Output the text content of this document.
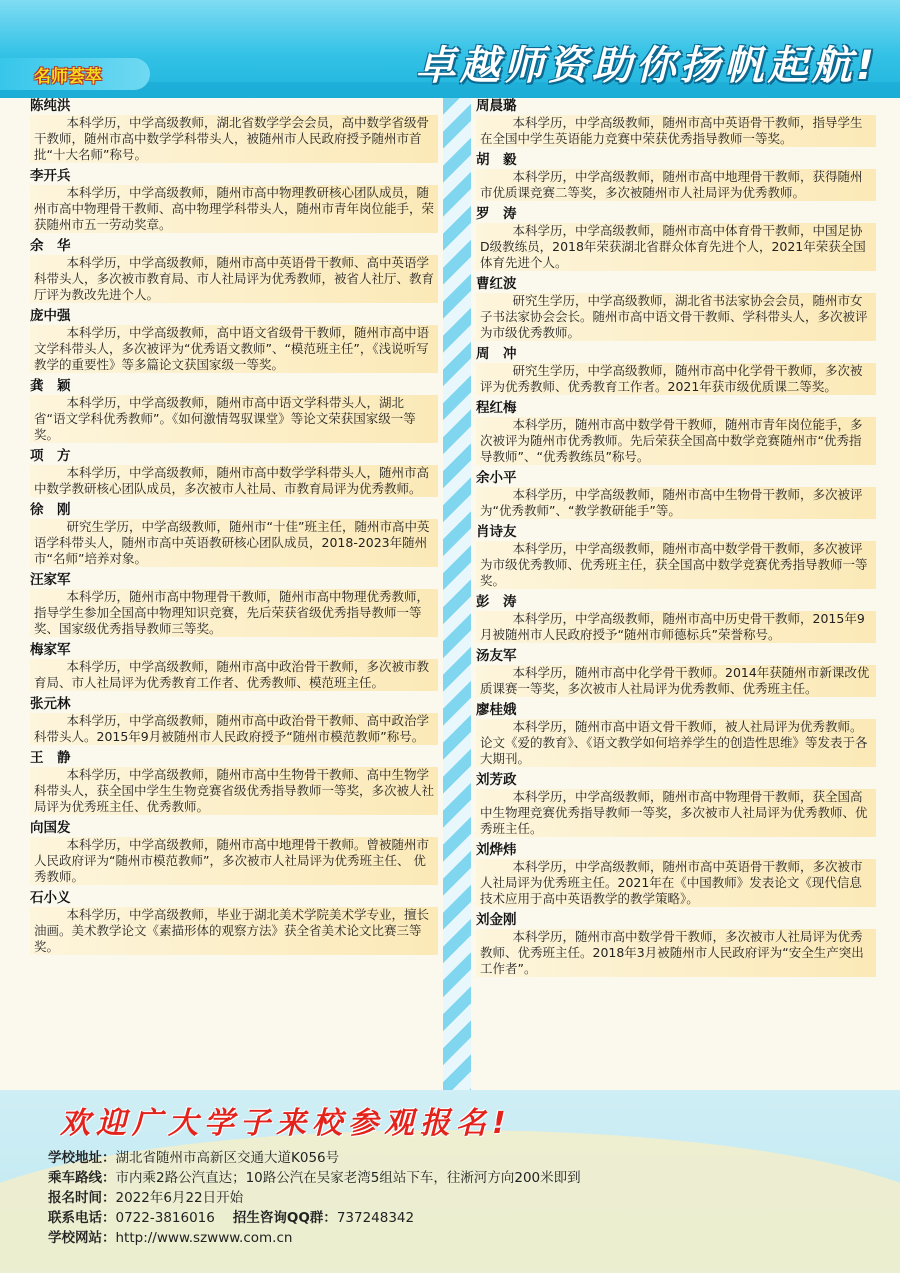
名师荟萃	卓越师资助你扬帆起航!
陈纯洪
本科学历，中学高级教师，湖北省数学学会会员，高中数学省级骨干教师，随州市高中数学学科带头人，被随州市人民政府授予随州市首批“十大名师”称号。
李开兵
本科学历，中学高级教师，随州市高中物理教研核心团队成员，随州市高中物理骨干教师、高中物理学科带头人，随州市青年岗位能手，荣获随州市五一劳动奖章。
余　华
本科学历，中学高级教师，随州市高中英语骨干教师、高中英语学科带头人，多次被市教育局、市人社局评为优秀教师，被省人社厅、教育厅评为教改先进个人。
庞中强
本科学历，中学高级教师，高中语文省级骨干教师，随州市高中语文学科带头人，多次被评为“优秀语文教师”、“模范班主任”，《浅说听写教学的重要性》等多篇论文获国家级一等奖。
龚　颖
本科学历，中学高级教师，随州市高中语文学科带头人，湖北省“语文学科优秀教师”。《如何激情驾驭课堂》等论文荣获国家级一等奖。
项　方
本科学历，中学高级教师，随州市高中数学学科带头人，随州市高中数学教研核心团队成员，多次被市人社局、市教育局评为优秀教师。
徐　刚
研究生学历，中学高级教师，随州市“十佳”班主任，随州市高中英语学科带头人，随州市高中英语教研核心团队成员，2018-2023年随州市“名师”培养对象。
汪家军
本科学历，随州市高中物理骨干教师，随州市高中物理优秀教师，指导学生参加全国高中物理知识竞赛，先后荣获省级优秀指导教师一等奖、国家级优秀指导教师三等奖。
梅家军
本科学历，中学高级教师，随州市高中政治骨干教师，多次被市教育局、市人社局评为优秀教育工作者、优秀教师、模范班主任。
张元林
本科学历，中学高级教师，随州市高中政治骨干教师、高中政治学科带头人。2015年9月被随州市人民政府授予“随州市模范教师”称号。
王　静
本科学历，中学高级教师，随州市高中生物骨干教师、高中生物学科带头人，获全国中学生生物竞赛省级优秀指导教师一等奖，多次被人社局评为优秀班主任、优秀教师。
向国发
本科学历，中学高级教师，随州市高中地理骨干教师。曾被随州市人民政府评为“随州市模范教师”，多次被市人社局评为优秀班主任、 优秀教师。
石小义
本科学历，中学高级教师，毕业于湖北美术学院美术学专业，擅长油画。美术教学论文《素描形体的观察方法》获全省美术论文比赛三等奖。
周晨璐
本科学历，中学高级教师，随州市高中英语骨干教师，指导学生在全国中学生英语能力竞赛中荣获优秀指导教师一等奖。
胡　毅
本科学历，中学高级教师，随州市高中地理骨干教师，获得随州市优质课竞赛二等奖，多次被随州市人社局评为优秀教师。
罗　涛
本科学历，中学高级教师，随州市高中体育骨干教师，中国足协D级教练员，2018年荣获湖北省群众体育先进个人，2021年荣获全国体育先进个人。
曹红波
研究生学历，中学高级教师，湖北省书法家协会会员，随州市女子书法家协会会长。随州市高中语文骨干教师、学科带头人，多次被评为市级优秀教师。
周　冲
研究生学历，中学高级教师，随州市高中化学骨干教师，多次被评为优秀教师、优秀教育工作者。2021年获市级优质课二等奖。
程红梅
本科学历，随州市高中数学骨干教师，随州市青年岗位能手，多次被评为随州市优秀教师。先后荣获全国高中数学竞赛随州市“优秀指导教师”、“优秀教练员”称号。
余小平
本科学历，中学高级教师，随州市高中生物骨干教师，多次被评为“优秀教师”、“教学教研能手”等。
肖诗友
本科学历，中学高级教师，随州市高中数学骨干教师，多次被评为市级优秀教师、优秀班主任，获全国高中数学竞赛优秀指导教师一等奖。
彭　涛
本科学历，中学高级教师，随州市高中历史骨干教师，2015年9月被随州市人民政府授予“随州市师德标兵”荣誉称号。
汤友军
本科学历，随州市高中化学骨干教师。2014年获随州市新课改优质课赛一等奖，多次被市人社局评为优秀教师、优秀班主任。
廖桂娥
本科学历，随州市高中语文骨干教师，被人社局评为优秀教师。论文《爱的教育》、《语文教学如何培养学生的创造性思维》等发表于各大期刊。
刘芳政
本科学历，中学高级教师，随州市高中物理骨干教师，获全国高中生物理竞赛优秀指导教师一等奖，多次被市人社局评为优秀教师、优秀班主任。
刘烨炜
本科学历，中学高级教师，随州市高中英语骨干教师，多次被市人社局评为优秀班主任。2021年在《中国教师》发表论文《现代信息技术应用于高中英语教学的教学策略》。
刘金刚
本科学历，随州市高中数学骨干教师，多次被市人社局评为优秀教师、优秀班主任。2018年3月被随州市人民政府评为“安全生产突出工作者”。
欢迎广大学子来校参观报名!
学校地址：湖北省随州市高新区交通大道K056号
乘车路线：市内乘2路公汽直达；10路公汽在吴家老湾5组站下车，往淅河方向200米即到
报名时间：2022年6月22日开始
联系电话：0722-3816016 招生咨询QQ群：737248342
学校网站：http://www.szwww.com.cn
